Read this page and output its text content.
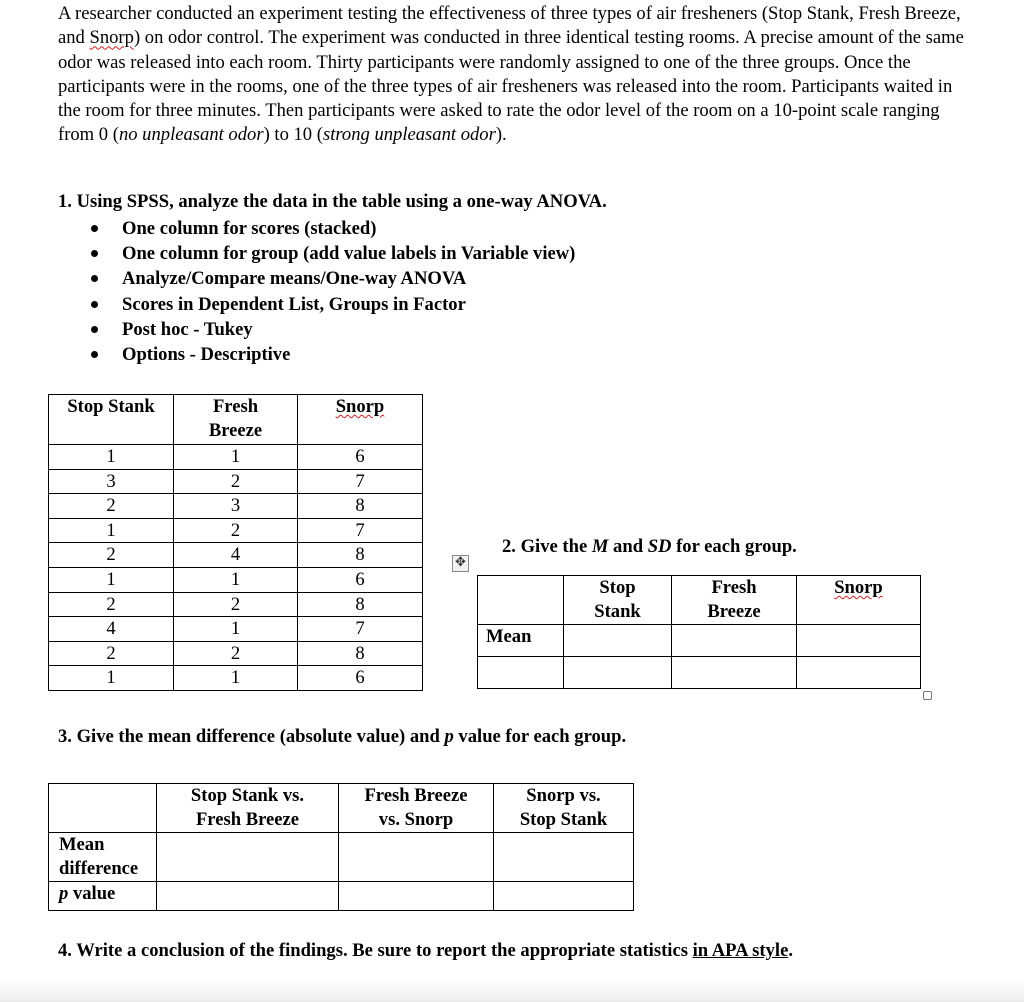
A researcher conducted an experiment testing the effectiveness of three types of air fresheners (Stop Stank, Fresh Breeze, and Snorp) on odor control. The experiment was conducted in three identical testing rooms. A precise amount of the same odor was released into each room. Thirty participants were randomly assigned to one of the three groups. Once the participants were in the rooms, one of the three types of air fresheners was released into the room. Participants waited in the room for three minutes. Then participants were asked to rate the odor level of the room on a 10-point scale ranging from 0 (no unpleasant odor) to 10 (strong unpleasant odor).
1. Using SPSS, analyze the data in the table using a one-way ANOVA.
One column for scores (stacked)
One column for group (add value labels in Variable view)
Analyze/Compare means/One-way ANOVA
Scores in Dependent List, Groups in Factor
Post hoc - Tukey
Options - Descriptive
Stop Stank	Fresh Breeze	Snorp
1	1	6
3	2	7
2	3	8
1	2	7
2	4	8
1	1	6
2	2	8
4	1	7
2	2	8
1	1	6
✥
2. Give the M and SD for each group.

	Stop Stank	Fresh Breeze	Snorp
Mean			

3. Give the mean difference (absolute value) and p value for each group.

	Stop Stank vs. Fresh Breeze	Fresh Breeze vs. Snorp	Snorp vs. Stop Stank

Mean difference			

p value			
4. Write a conclusion of the findings. Be sure to report the appropriate statistics in APA style.
